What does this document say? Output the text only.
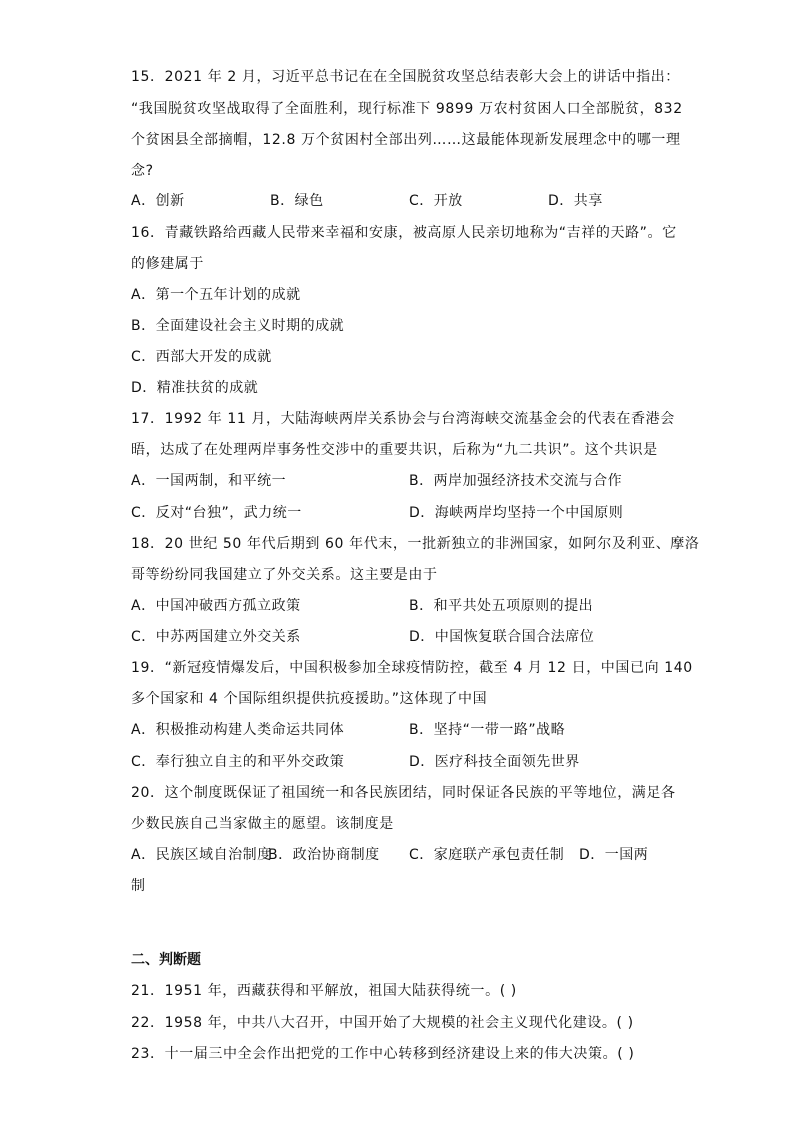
15．2021 年 2 月，习近平总书记在在全国脱贫攻坚总结表彰大会上的讲话中指出：
“我国脱贫攻坚战取得了全面胜利，现行标准下 9899 万农村贫困人口全部脱贫，832
个贫困县全部摘帽，12.8 万个贫困村全部出列……这最能体现新发展理念中的哪一理
念?
A．创新	B．绿色	C．开放	D．共享
16．青藏铁路给西藏人民带来幸福和安康，被高原人民亲切地称为“吉祥的天路”。它
的修建属于
A．第一个五年计划的成就
B．全面建设社会主义时期的成就
C．西部大开发的成就
D．精准扶贫的成就
17．1992 年 11 月，大陆海峡两岸关系协会与台湾海峡交流基金会的代表在香港会
晤，达成了在处理两岸事务性交涉中的重要共识，后称为“九二共识”。这个共识是
A．一国两制，和平统一	B．两岸加强经济技术交流与合作
C．反对“台独”，武力统一	D．海峡两岸均坚持一个中国原则
18．20 世纪 50 年代后期到 60 年代末，一批新独立的非洲国家，如阿尔及利亚、摩洛
哥等纷纷同我国建立了外交关系。这主要是由于
A．中国冲破西方孤立政策	B．和平共处五项原则的提出
C．中苏两国建立外交关系	D．中国恢复联合国合法席位
19．“新冠疫情爆发后，中国积极参加全球疫情防控，截至 4 月 12 日，中国已向 140
多个国家和 4 个国际组织提供抗疫援助。”这体现了中国
A．积极推动构建人类命运共同体	B．坚持“一带一路”战略
C．奉行独立自主的和平外交政策	D．医疗科技全面领先世界
20．这个制度既保证了祖国统一和各民族团结，同时保证各民族的平等地位，满足各
少数民族自己当家做主的愿望。该制度是
A．民族区域自治制度
B．政治协商制度 C．家庭联产承包责任制 D．一国两
制
二、判断题
21．1951 年，西藏获得和平解放，祖国大陆获得统一。( )
22．1958 年，中共八大召开，中国开始了大规模的社会主义现代化建设。( )
23．十一届三中全会作出把党的工作中心转移到经济建设上来的伟大决策。( )
